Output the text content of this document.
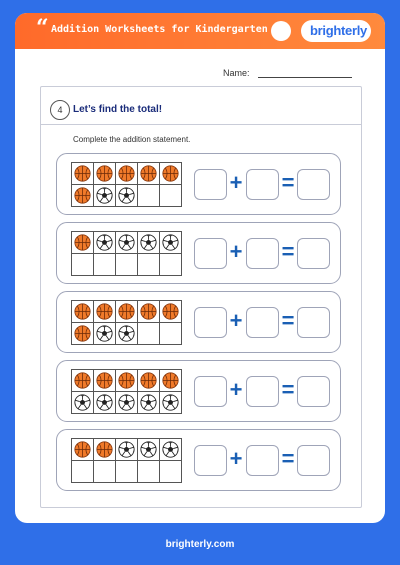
“ Addition Worksheets for Kindergarten	brighterly
Name:
4	Let’s find the total!
Complete the addition statement.
+ =
+ =
+ =
+ =
+ =
brighterly.com
